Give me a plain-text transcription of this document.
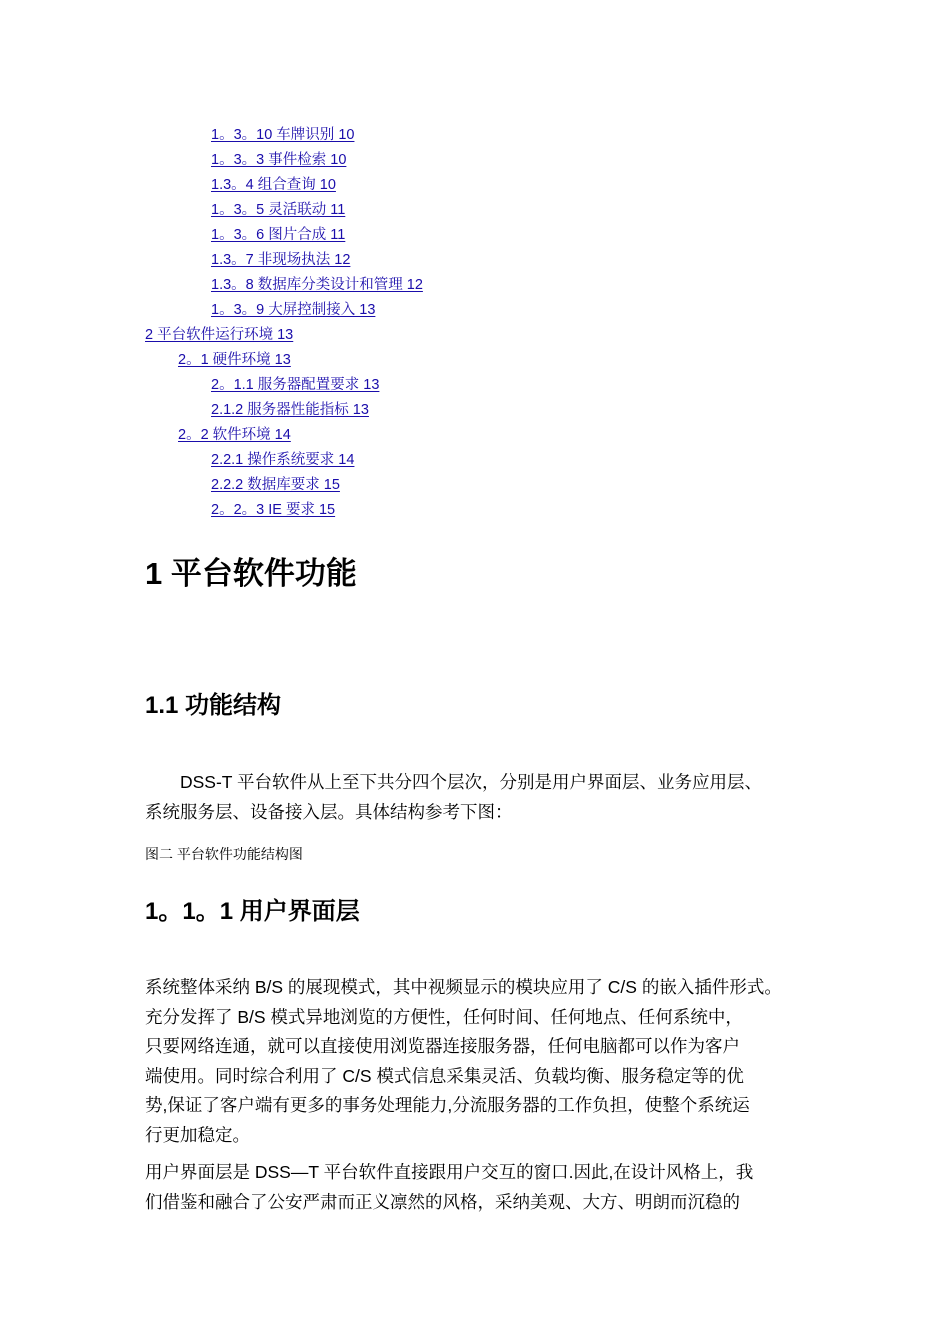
1。3。10 车牌识别 10
1。3。3 事件检索 10
1.3。4 组合查询 10
1。3。5 灵活联动 11
1。3。6 图片合成 11
1.3。7 非现场执法 12
1.3。8 数据库分类设计和管理 12
1。3。9 大屏控制接入 13
2 平台软件运行环境 13
2。1 硬件环境 13
2。1.1 服务器配置要求 13
2.1.2 服务器性能指标 13
2。2 软件环境 14
2.2.1 操作系统要求 14
2.2.2 数据库要求 15
2。2。3 IE 要求 15
1 平台软件功能
1.1 功能结构
DSS-T 平台软件从上至下共分四个层次，分别是用户界面层、业务应用层、
系统服务层、设备接入层。具体结构参考下图：
图二 平台软件功能结构图
1。1。1 用户界面层
系统整体采纳 B/S 的展现模式，其中视频显示的模块应用了 C/S 的嵌入插件形式。
充分发挥了 B/S 模式异地浏览的方便性，任何时间、任何地点、任何系统中，
只要网络连通，就可以直接使用浏览器连接服务器，任何电脑都可以作为客户
端使用。同时综合利用了 C/S 模式信息采集灵活、负载均衡、服务稳定等的优
势,保证了客户端有更多的事务处理能力,分流服务器的工作负担，使整个系统运
行更加稳定。
用户界面层是 DSS—T 平台软件直接跟用户交互的窗口.因此,在设计风格上，我
们借鉴和融合了公安严肃而正义凛然的风格，采纳美观、大方、明朗而沉稳的
